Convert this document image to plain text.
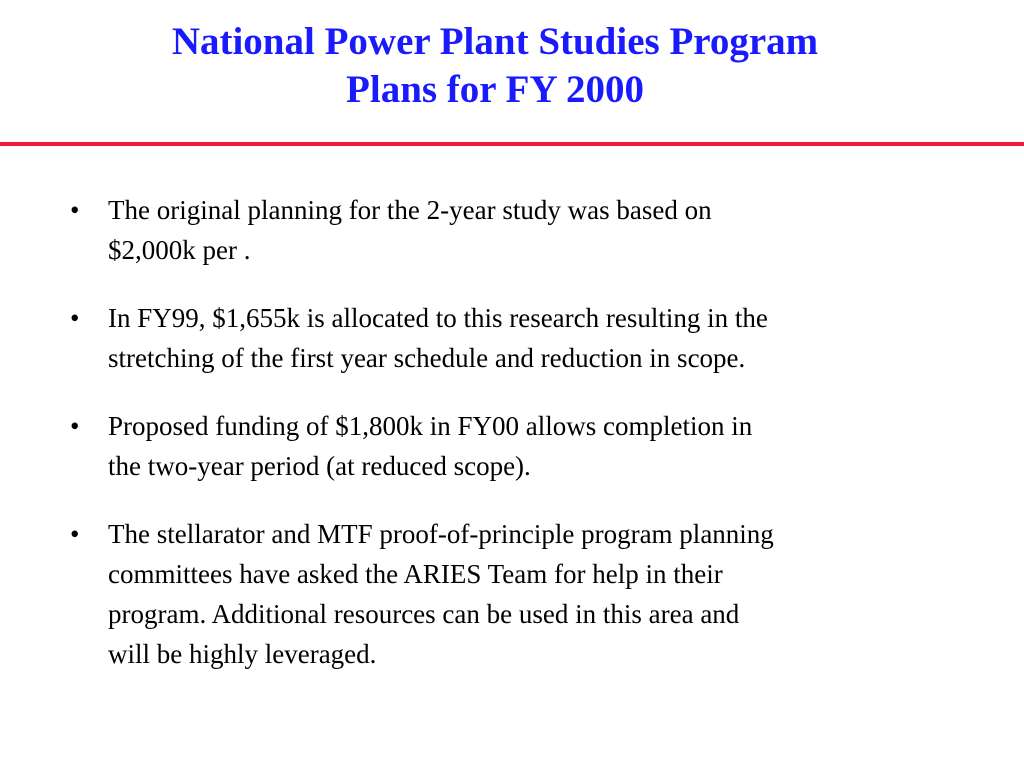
National Power Plant Studies Program
Plans for FY 2000
•	The original planning for the 2-year study was based on
$2,000k per .
•	In FY99, $1,655k is allocated to this research resulting in the
stretching of the first year schedule and reduction in scope.
•	Proposed funding of $1,800k in FY00 allows completion in
the two-year period (at reduced scope).
•	The stellarator and MTF proof-of-principle program planning
committees have asked the ARIES Team for help in their
program. Additional resources can be used in this area and
will be highly leveraged.
